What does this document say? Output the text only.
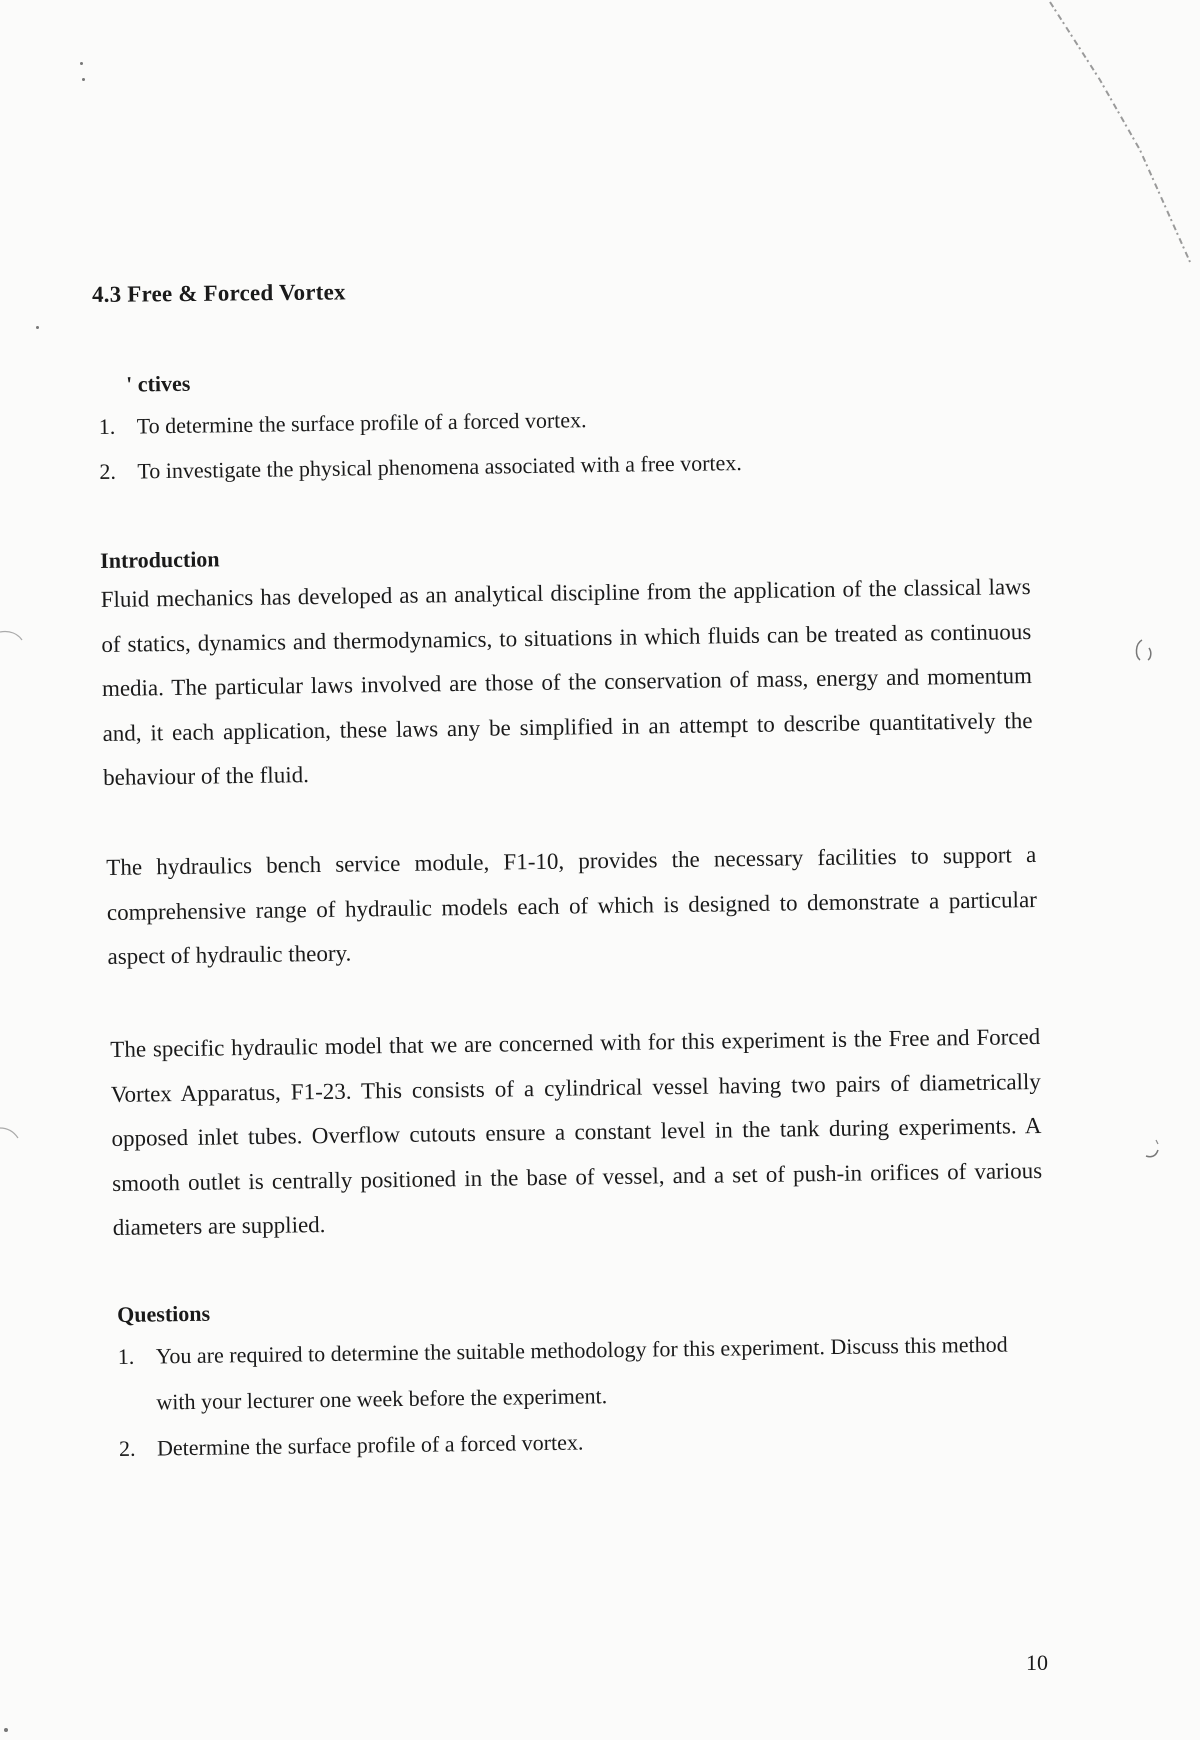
4.3 Free & Forced Vortex
' ctives
1. To determine the surface profile of a forced vortex.
2. To investigate the physical phenomena associated with a free vortex.
Introduction

Fluid mechanics has developed as an analytical discipline from the application of the classical laws of statics, dynamics and thermodynamics, to situations in which fluids can be treated as continuous media. The particular laws involved are those of the conservation of mass, energy and momentum and, it each application, these laws any be simplified in an attempt to describe quantitatively the behaviour of the fluid.

The hydraulics bench service module, F1-10, provides the necessary facilities to support a comprehensive range of hydraulic models each of which is designed to demonstrate a particular aspect of hydraulic theory.

The specific hydraulic model that we are concerned with for this experiment is the Free and Forced Vortex Apparatus, F1-23. This consists of a cylindrical vessel having two pairs of diametrically opposed inlet tubes. Overflow cutouts ensure a constant level in the tank during experiments. A smooth outlet is centrally positioned in the base of vessel, and a set of push-in orifices of various diameters are supplied.

Questions
1. You are required to determine the suitable methodology for this experiment. Discuss this method with your lecturer one week before the experiment.
2. Determine the surface profile of a forced vortex.
10
